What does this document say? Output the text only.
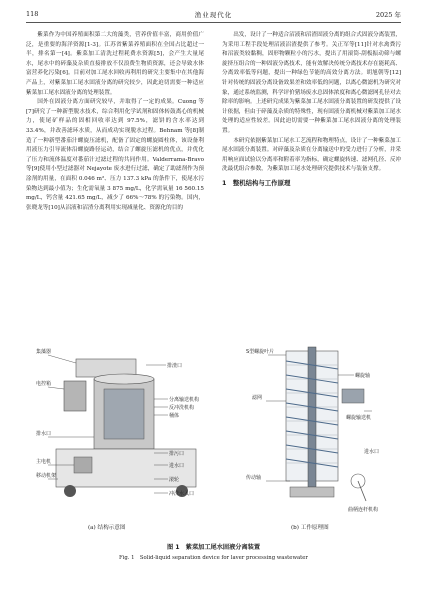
118	渔业现代化	2025 年

紫菜作为中国养殖面积第二大的藻类，营养价值丰富，商用价值广泛，是重要的海洋资源[1-3]。江苏省紫菜养殖面积在全国占比超过一半，排名第一[4]。紫菜加工清洗过程耗费水资源[5]，会产生大量尾水，尾水中的碎藻及杂质直接排放不仅浪费生物质资源，还会导致水体富营养化污染[6]。目前对加工尾水回收再利用的研究主要集中在其他海产品上，对紫菜加工尾水固液分离的研究较少，因此迫切需要一种适应紫菜加工尾水固液分离的处理装置。

国外在固液分离方面研究较早，并取得了一定的成果。Cuong 等[7]研究了一种新型脱水技术，综合利用化学试剂和固体转鼓离心的机械力，使尾矿样品的固相回收率达到 97.5%，滤饼的含水率达到 33.4%，并改善滤环水质，从而成功实现脱水过程。Behnam 等[8]制造了一种新型番茄汁螺旋压滤机，配备了固定的螺旋圆柱体，该设备利用液压力引导流体沿螺旋路径运动，结合了螺旋压滤机的优点，并优化了压力和流体温度对番茄汁过滤过程的共同作用。Valderrama-Bravo 等[9]使用小型过滤器对 Nejayote 废水进行过滤，确定了助滤剂作为预涂剂的用量，在面积 0.046 m²、压力 137.3 kPa 的条件下，使尾水污染物达到最小值为；生化需氧量 3 875 mg/L，化学需氧量 16 560.15 mg/L，钙含量 421.65 mg/L，减少了 66%～78% 的污染物。国内，张晓龙等[10]从沼液和沼渣分离利用实现减量化、资源化的目的

出发，设计了一种适合沼液和沼渣固液分离的组合式固液分离装置，为采用工程手段处理沼液沼渣提供了参考。关正军等[11]针对水禽粪污和沼液类较黏稠，固形物颗粒小的污水，提出了用滚筒-刮板振动筛与螺旋挤压组合的一种固液分离技术，能有效解决传统分离技术存在能耗高、分离效率低等问题，提出一种绿色节能的高效分离方法。胡旭朝等[12]针对传统的固液分离设备效果差和效率低的问题，以离心微滤机为研究对象，通过系统监测，科学评价猪场废水总固体浓度和离心微滤网孔径对去除率的影响。上述研究成果为紫菜加工尾水固液分离装置的研发提供了设计依据，但由于碎藻及杂质的特殊性，现有固液分离机械对紫菜加工尾水处理的适应性较差。因此迫切需要一种紫菜加工尾水固液分离的处理装置。

本研究依据紫菜加工尾水工艺流程和物理特点，设计了一种紫菜加工尾水固液分离装置。对碎藻及杂质在分离输送中的受力进行了分析，并采用响应面试验以分离率和附着率为指标，确定螺旋转速、滤网孔径、反冲洗最优组合参数，为紫菜加工尾水处理研究提供技术与装备支撑。

1　整机结构与工作原理
排渣口
分离输送机构
反冲洗机构
桶体
排污口
进水口
滚轮
冲洗水入口
集藻器
电控箱
排水口
主电机
移动机架
(a) 结构示意图
S型螺旋叶片
滤网
传动轴
螺旋轴
螺旋输送机
曲柄连杆机构
进水口
(b) 工作原理图
图 1　紫菜加工尾水固液分离装置
Fig. 1　Solid-liquid separation device for laver processing wastewater
